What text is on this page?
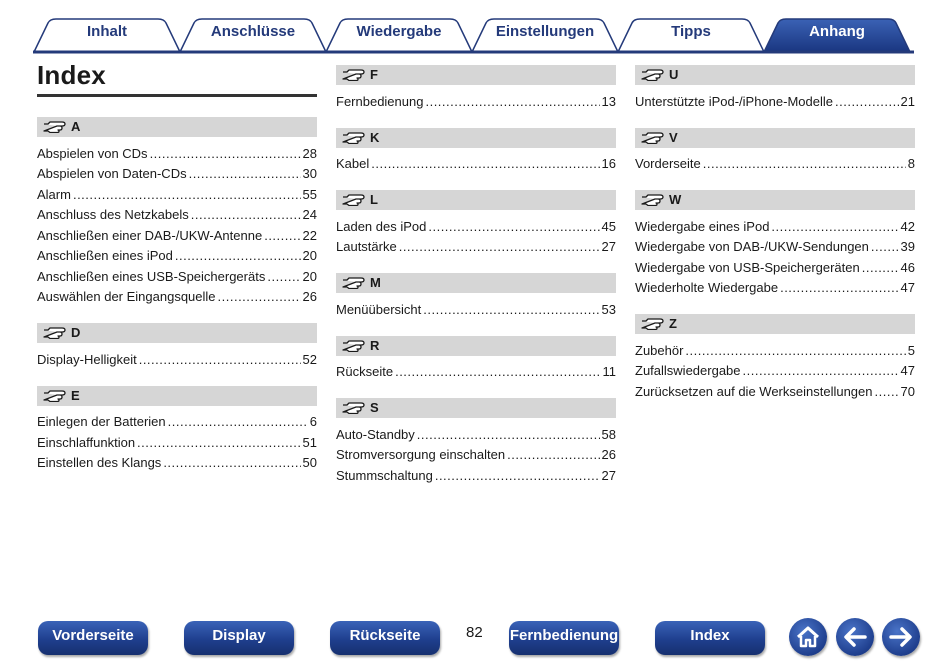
Inhalt	Anschlüsse	Wiedergabe	Einstellungen	Tipps	Anhang
Index
A
Abspielen von CDs .....	28
Abspielen von Daten-CDs .....	30
Alarm .....	55
Anschluss des Netzkabels .....	24
Anschließen einer DAB-/UKW-Antenne .....	22
Anschließen eines iPod .....	20
Anschließen eines USB-Speichergeräts .....	20
Auswählen der Eingangsquelle .....	26
D
Display-Helligkeit .....	52
E
Einlegen der Batterien .....	6
Einschlaffunktion .....	51
Einstellen des Klangs .....	50
F
Fernbedienung .....	13
K
Kabel .....	16
L
Laden des iPod .....	45
Lautstärke .....	27
M
Menüübersicht .....	53
R
Rückseite .....	11
S
Auto-Standby .....	58
Stromversorgung einschalten .....	26
Stummschaltung .....	27
U
Unterstützte iPod-/iPhone-Modelle .....	21
V
Vorderseite .....	8
W
Wiedergabe eines iPod .....	42
Wiedergabe von DAB-/UKW-Sendungen ..... 39
Wiedergabe von USB-Speichergeräten .....	46
Wiederholte Wiedergabe .....	47
Z
Zubehör .....	5
Zufallswiedergabe .....	47
Zurücksetzen auf die Werkseinstellungen ..... 70
Vorderseite	Display	Rückseite	82 Fernbedienung	Index
